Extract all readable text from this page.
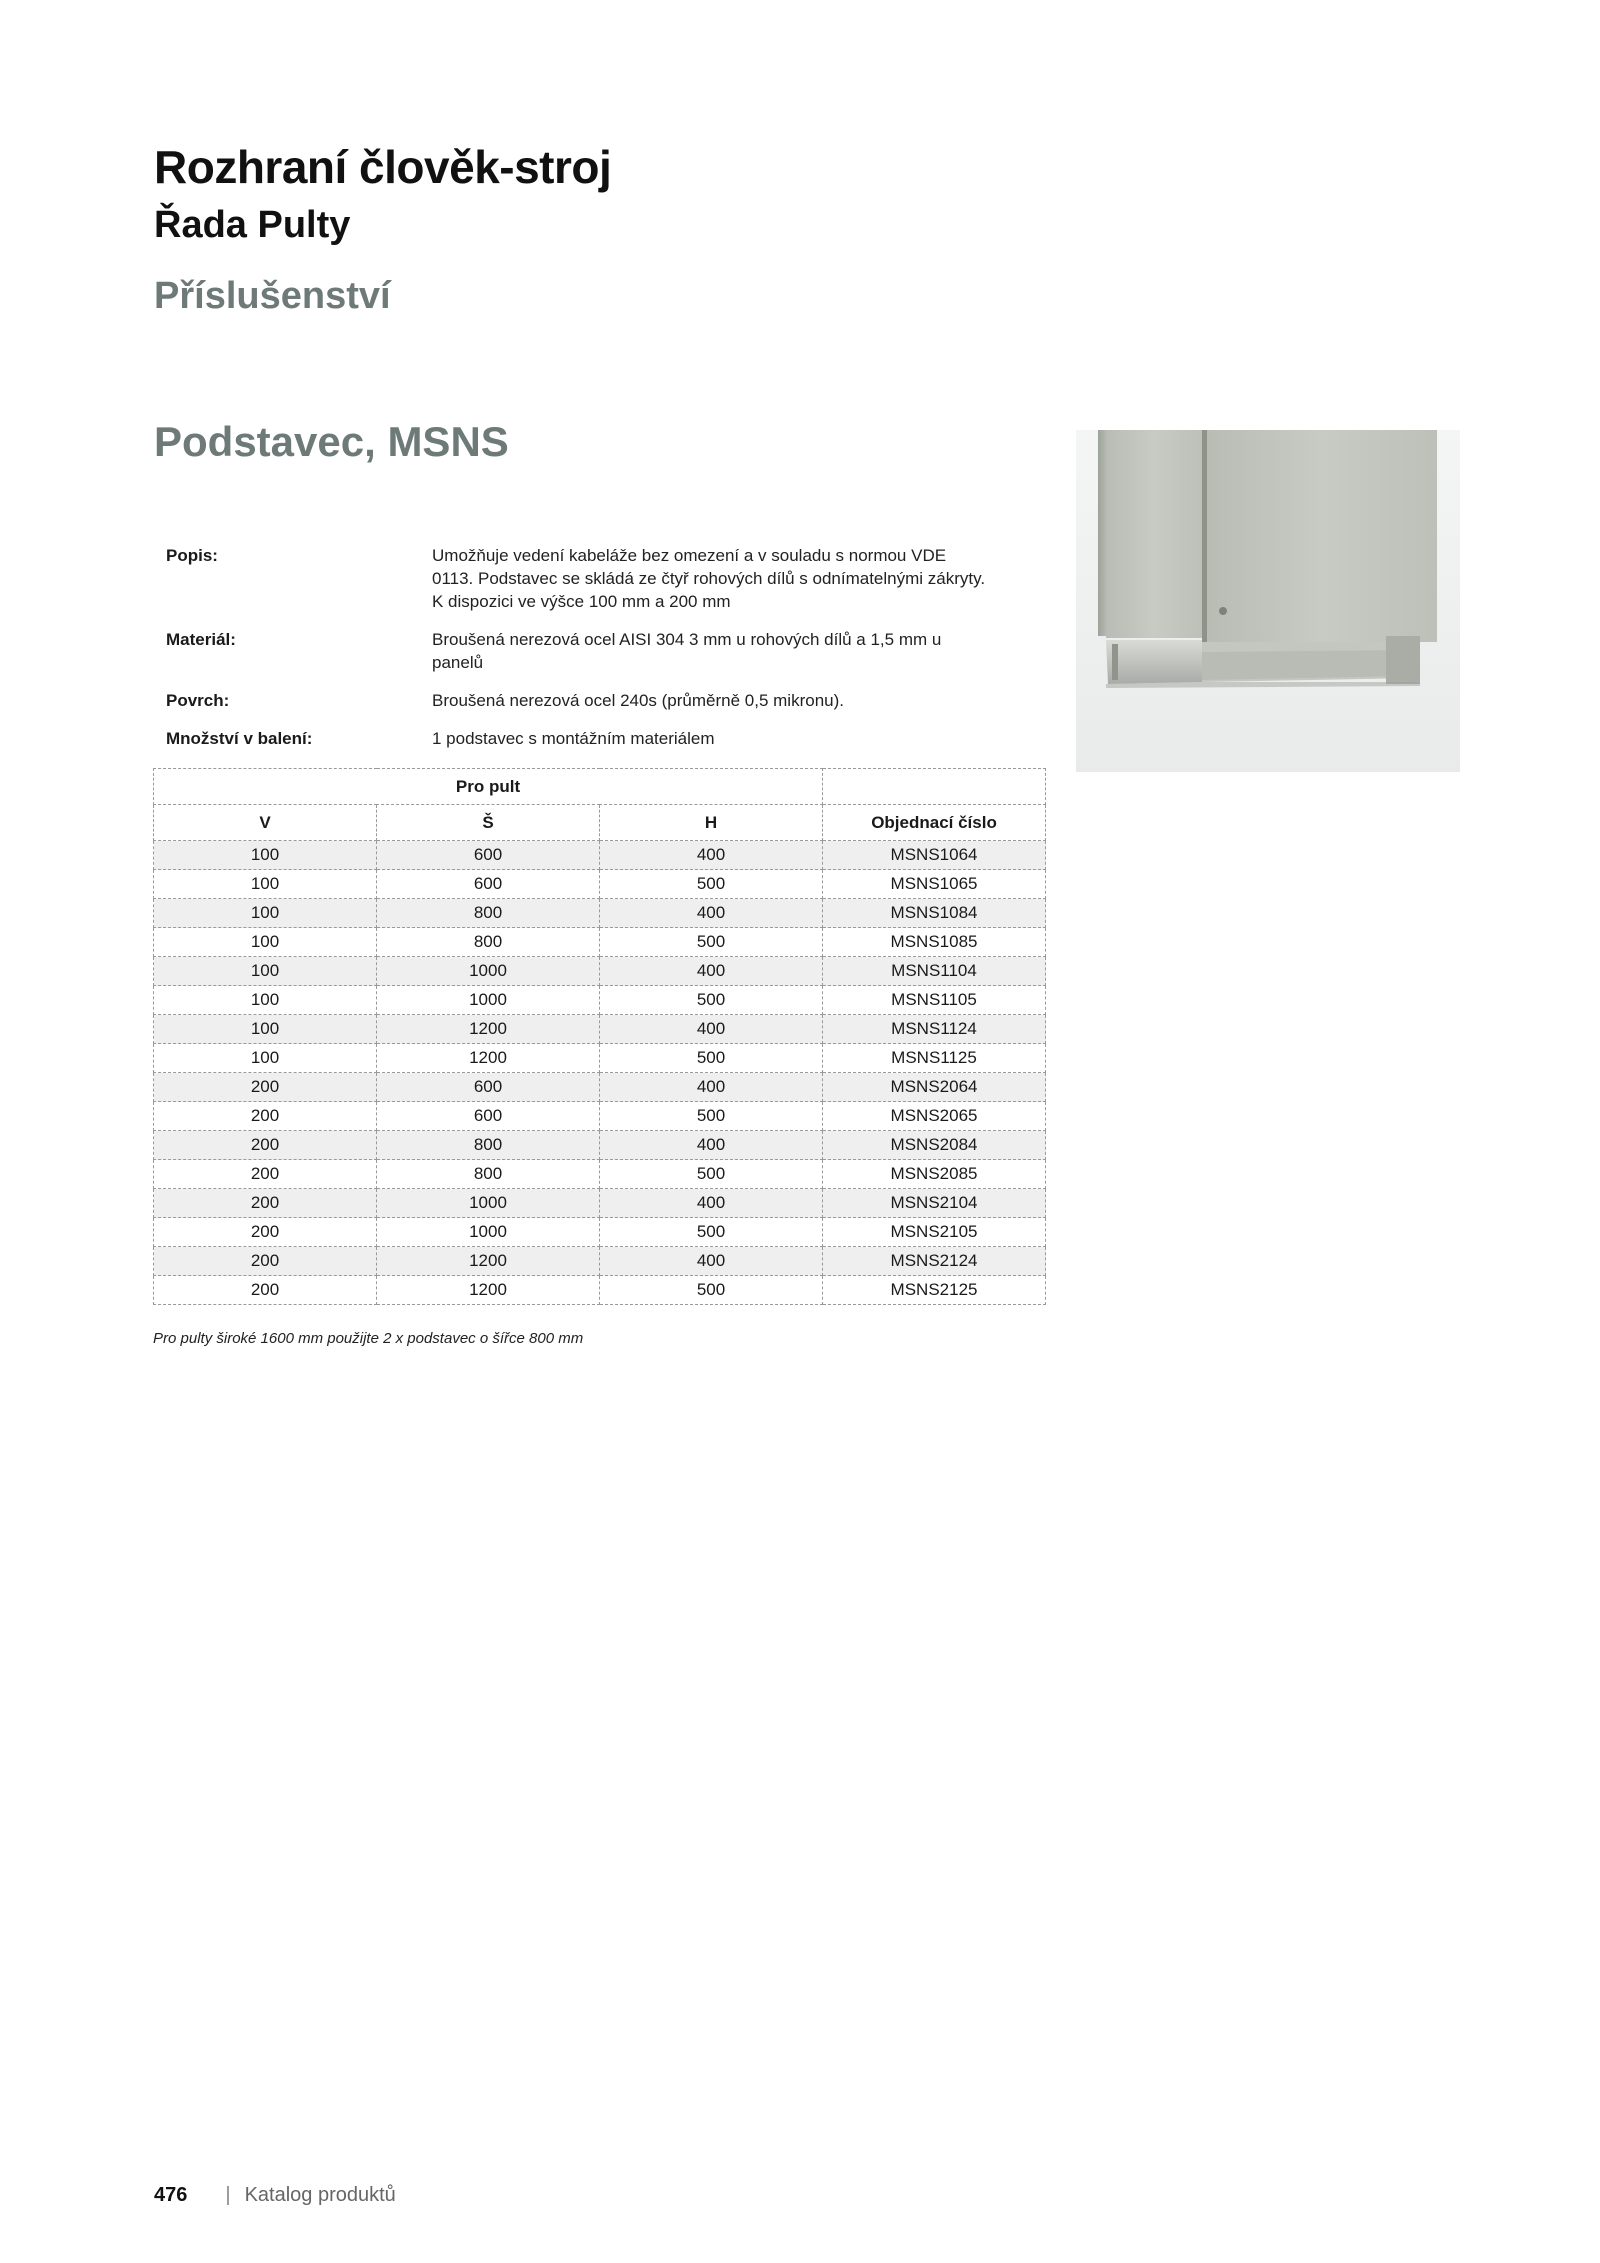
Rozhraní člověk-stroj
Řada Pulty
Příslušenství
Podstavec, MSNS
Popis:	Umožňuje vedení kabeláže bez omezení a v souladu s normou VDE 0113. Podstavec se skládá ze čtyř rohových dílů s odnímatelnými zákryty. K dispozici ve výšce 100 mm a 200 mm
Materiál:	Broušená nerezová ocel AISI 304 3 mm u rohových dílů a 1,5 mm u panelů
Povrch:	Broušená nerezová ocel 240s (průměrně 0,5 mikronu).
Množství v balení:	1 podstavec s montážním materiálem
Pro pult			
V	Š	H	Objednací číslo
100	600	400	MSNS1064
100	600	500	MSNS1065
100	800	400	MSNS1084
100	800	500	MSNS1085
100	1000	400	MSNS1104
100	1000	500	MSNS1105
100	1200	400	MSNS1124
100	1200	500	MSNS1125
200	600	400	MSNS2064
200	600	500	MSNS2065
200	800	400	MSNS2084
200	800	500	MSNS2085
200	1000	400	MSNS2104
200	1000	500	MSNS2105
200	1200	400	MSNS2124
200	1200	500	MSNS2125
Pro pulty široké 1600 mm použijte 2 x podstavec o šířce 800 mm
476 | Katalog produktů
